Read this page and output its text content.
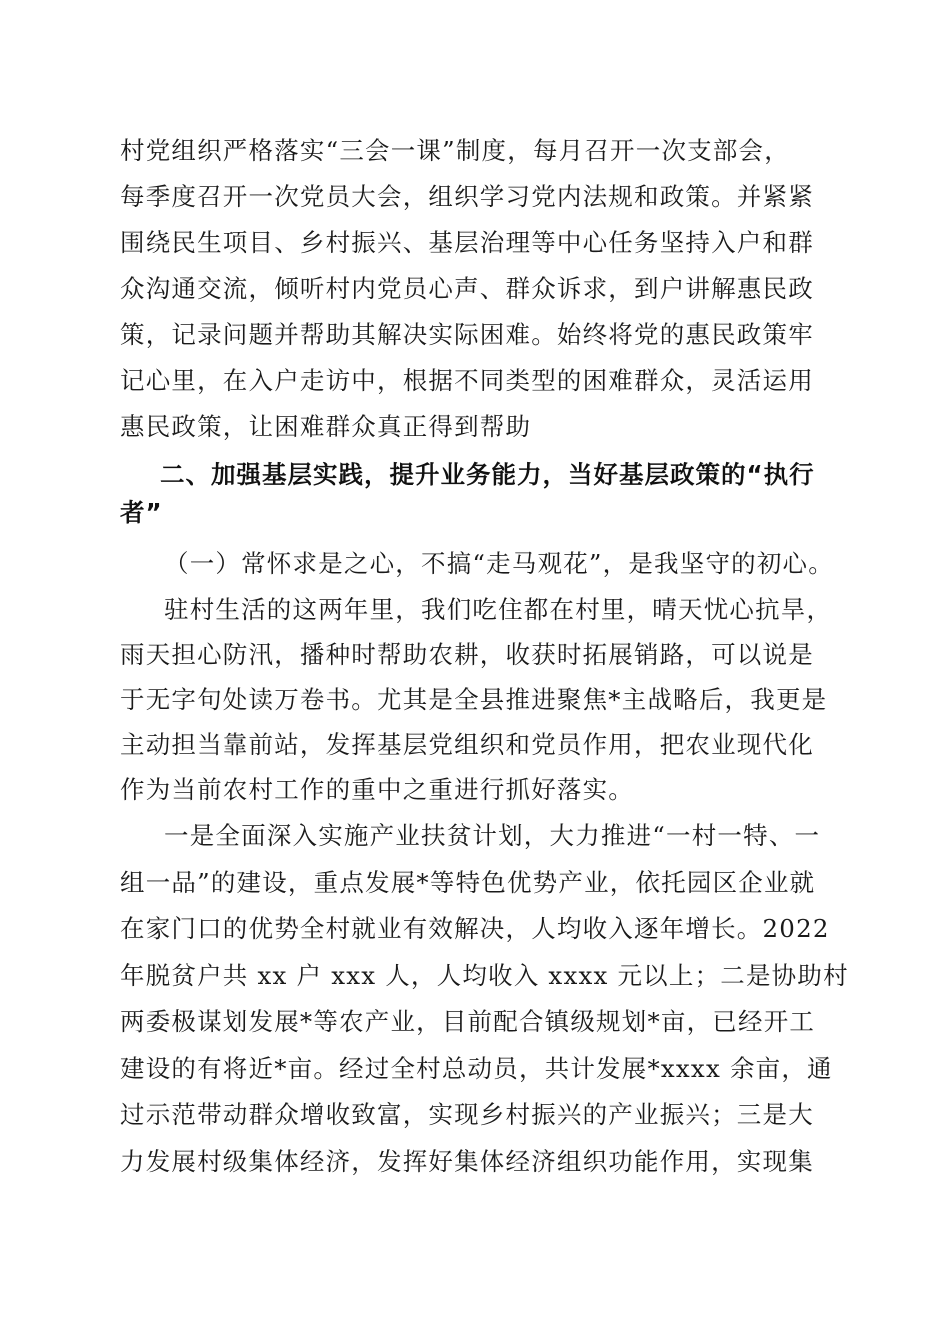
村党组织严格落实“三会一课”制度，每月召开一次支部会，
每季度召开一次党员大会，组织学习党内法规和政策。并紧紧
围绕民生项目、乡村振兴、基层治理等中心任务坚持入户和群
众沟通交流，倾听村内党员心声、群众诉求，到户讲解惠民政
策，记录问题并帮助其解决实际困难。始终将党的惠民政策牢
记心里，在入户走访中，根据不同类型的困难群众，灵活运用
惠民政策，让困难群众真正得到帮助
二、加强基层实践，提升业务能力，当好基层政策的“执行者”
（一）常怀求是之心，不搞“走马观花”，是我坚守的初心。
驻村生活的这两年里，我们吃住都在村里，晴天忧心抗旱，
雨天担心防汛，播种时帮助农耕，收获时拓展销路，可以说是
于无字句处读万卷书。尤其是全县推进聚焦*主战略后，我更是
主动担当靠前站，发挥基层党组织和党员作用，把农业现代化
作为当前农村工作的重中之重进行抓好落实。
一是全面深入实施产业扶贫计划，大力推进“一村一特、一
组一品”的建设，重点发展*等特色优势产业，依托园区企业就
在家门口的优势全村就业有效解决，人均收入逐年增长。2022
年脱贫户共 xx 户 xxx 人，人均收入 xxxx 元以上；二是协助村
两委极谋划发展*等农产业，目前配合镇级规划*亩，已经开工
建设的有将近*亩。经过全村总动员，共计发展*xxxx 余亩，通
过示范带动群众增收致富，实现乡村振兴的产业振兴；三是大
力发展村级集体经济，发挥好集体经济组织功能作用，实现集
